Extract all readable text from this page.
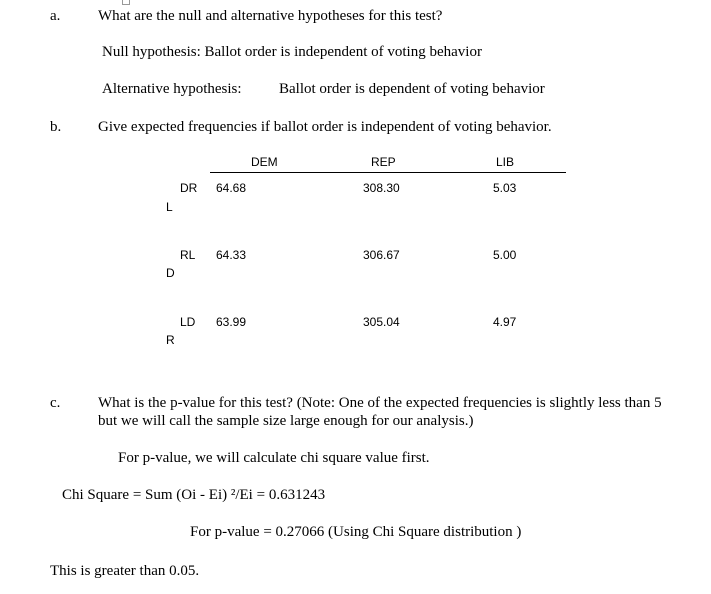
a.	What are the null and alternative hypotheses for this test?
Null hypothesis: Ballot order is independent of voting behavior
Alternative hypothesis: Ballot order is dependent of voting behavior
b. Give expected frequencies if ballot order is independent of voting behavior.
DEM	REP	LIB
DR 64.68	308.30	5.03
L
RL 64.33	306.67	5.00
D
LD 63.99	305.04	4.97
R
c.	What is the p-value for this test? (Note: One of the expected frequencies is slightly less than 5
but we will call the sample size large enough for our analysis.)
For p-value, we will calculate chi square value first.
Chi Square = Sum (Oi - Ei) ²/Ei = 0.631243
For p-value = 0.27066 (Using Chi Square distribution )
This is greater than 0.05.
